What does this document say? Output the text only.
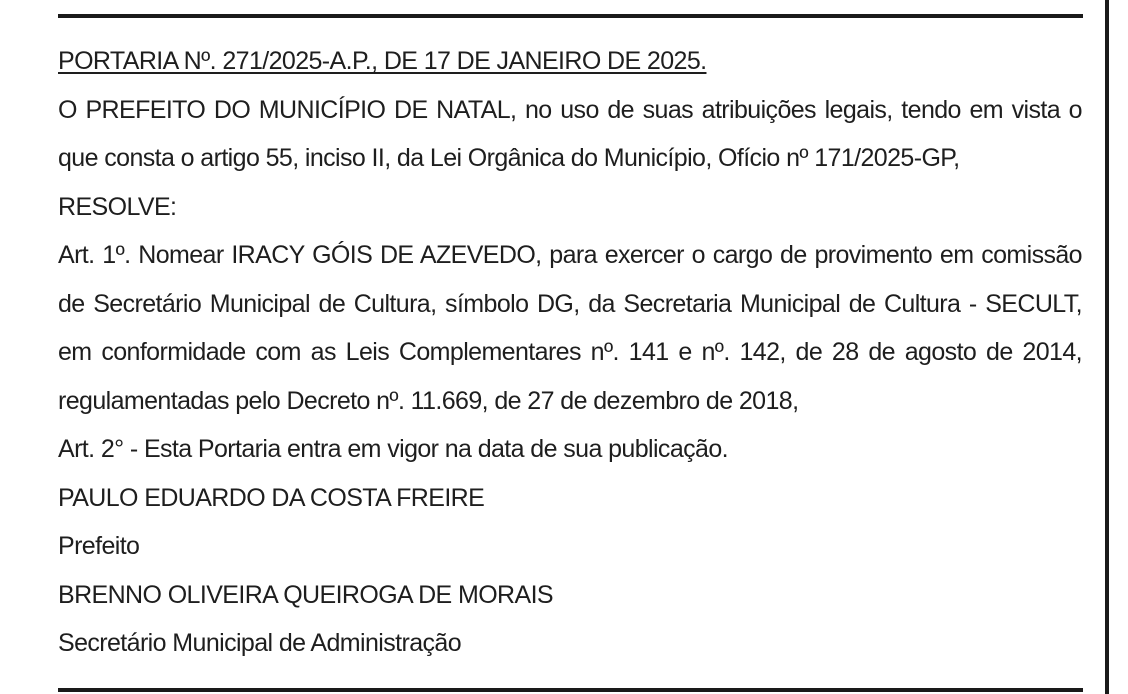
PORTARIA Nº. 271/2025-A.P., DE 17 DE JANEIRO DE 2025.

O PREFEITO DO MUNICÍPIO DE NATAL, no uso de suas atribuições legais, tendo em vista o que consta o artigo 55, inciso II, da Lei Orgânica do Município, Ofício nº 171/2025-GP,

RESOLVE:

Art. 1º. Nomear IRACY GÓIS DE AZEVEDO, para exercer o cargo de provimento em comissão de Secretário Municipal de Cultura, símbolo DG, da Secretaria Municipal de Cultura - SECULT, em conformidade com as Leis Complementares nº. 141 e nº. 142, de 28 de agosto de 2014, regulamentadas pelo Decreto nº. 11.669, de 27 de dezembro de 2018,

Art. 2° - Esta Portaria entra em vigor na data de sua publicação.

PAULO EDUARDO DA COSTA FREIRE

Prefeito

BRENNO OLIVEIRA QUEIROGA DE MORAIS

Secretário Municipal de Administração
